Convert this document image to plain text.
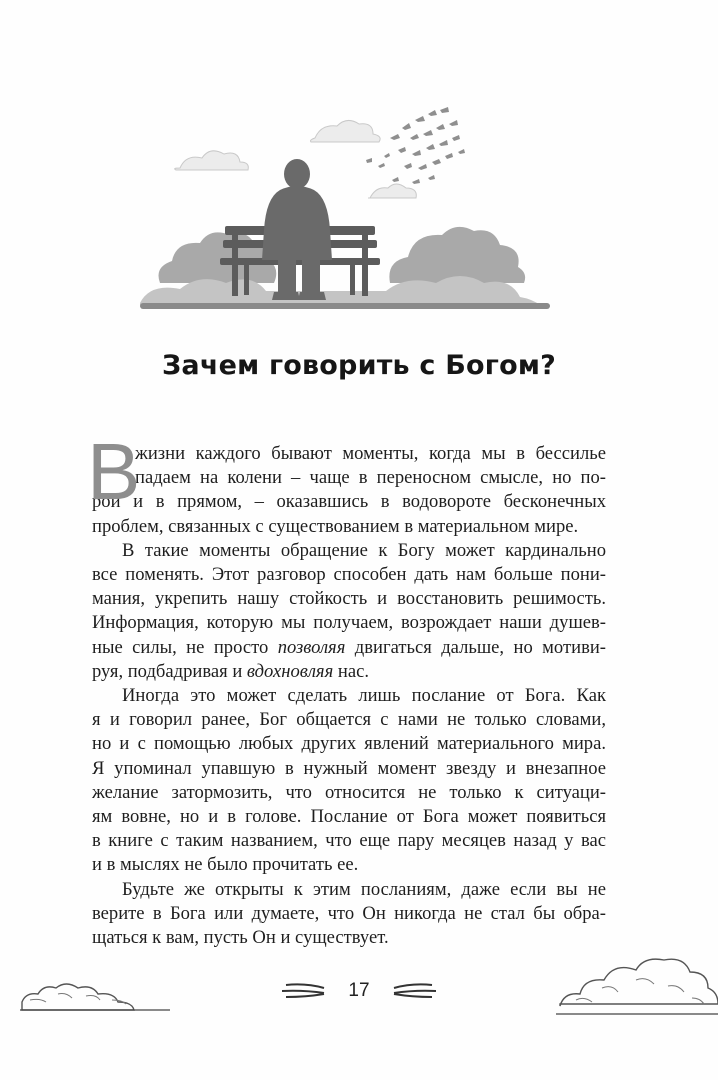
Зачем говорить с Богом?
В
жизни каждого бывают моменты, когда мы в бессилье
падаем на колени – чаще в переносном смысле, но по-
рой и в прямом, – оказавшись в водовороте бесконечных
проблем, связанных с существованием в материальном мире.
В такие моменты обращение к Богу может кардинально
все поменять. Этот разговор способен дать нам больше пони-
мания, укрепить нашу стойкость и восстановить решимость.
Информация, которую мы получаем, возрождает наши душев-
ные силы, не просто позволяя двигаться дальше, но мотиви-
руя, подбадривая и вдохновляя нас.
Иногда это может сделать лишь послание от Бога. Как
я и говорил ранее, Бог общается с нами не только словами,
но и с помощью любых других явлений материального мира.
Я упоминал упавшую в нужный момент звезду и внезапное
желание затормозить, что относится не только к ситуаци-
ям вовне, но и в голове. Послание от Бога может появиться
в книге с таким названием, что еще пару месяцев назад у вас
и в мыслях не было прочитать ее.
Будьте же открыты к этим посланиям, даже если вы не
верите в Бога или думаете, что Он никогда не стал бы обра-
щаться к вам, пусть Он и существует.
17
